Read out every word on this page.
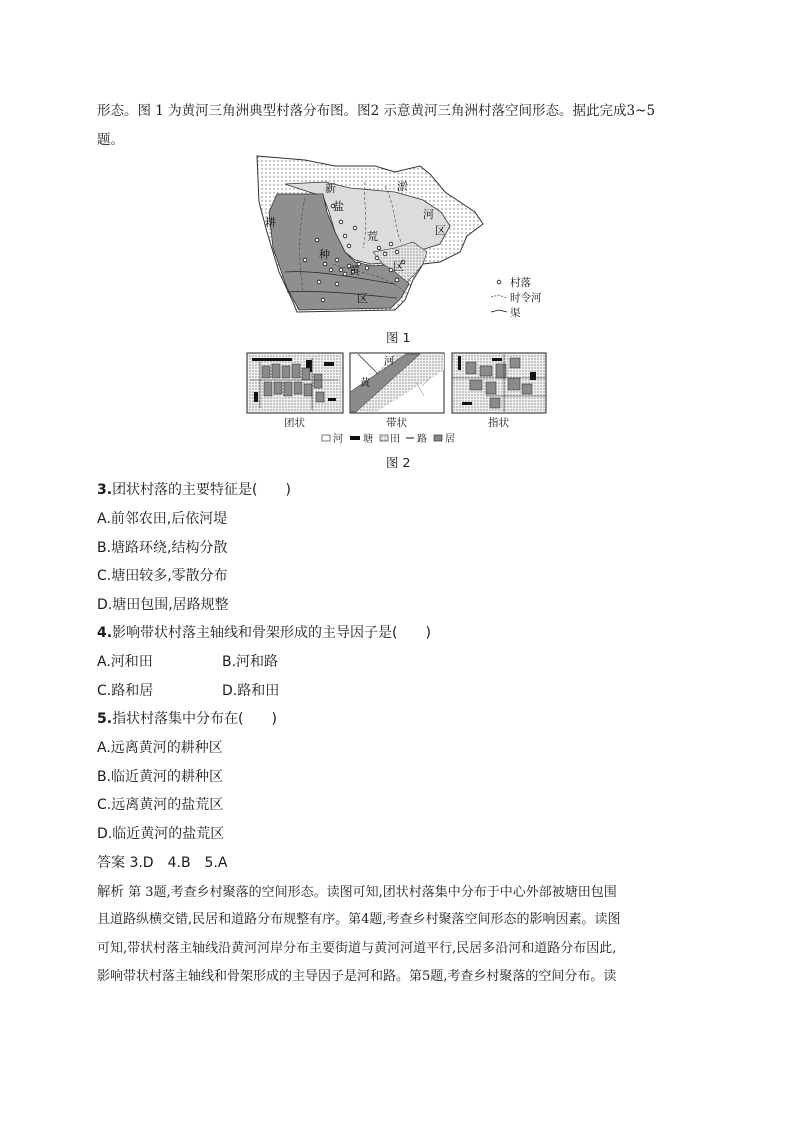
形态。图 1 为黄河三角洲典型村落分布图。图2 示意黄河三角洲村落空间形态。据此完成3~5
题。
新	淤
盐
河
区
荒
耕
种
区
黄
区
村落
时令河
渠
图 1
河
黄
团状	带状	指状
河 塘 田 路 居
图 2
3.团状村落的主要特征是(　　)
A.前邻农田,后依河堤
B.塘路环绕,结构分散
C.塘田较多,零散分布
D.塘田包围,居路规整
4.影响带状村落主轴线和骨架形成的主导因子是(　　)
A.河和田	B.河和路
C.路和居	D.路和田
5.指状村落集中分布在(　　)
A.远离黄河的耕种区
B.临近黄河的耕种区
C.远离黄河的盐荒区
D.临近黄河的盐荒区
答案 3.D　4.B　5.A
解析 第 3题,考查乡村聚落的空间形态。读图可知,团状村落集中分布于中心外部被塘田包围
且道路纵横交错,民居和道路分布规整有序。第4题,考查乡村聚落空间形态的影响因素。读图
可知,带状村落主轴线沿黄河河岸分布主要街道与黄河河道平行,民居多沿河和道路分布因此,
影响带状村落主轴线和骨架形成的主导因子是河和路。第5题,考查乡村聚落的空间分布。读
